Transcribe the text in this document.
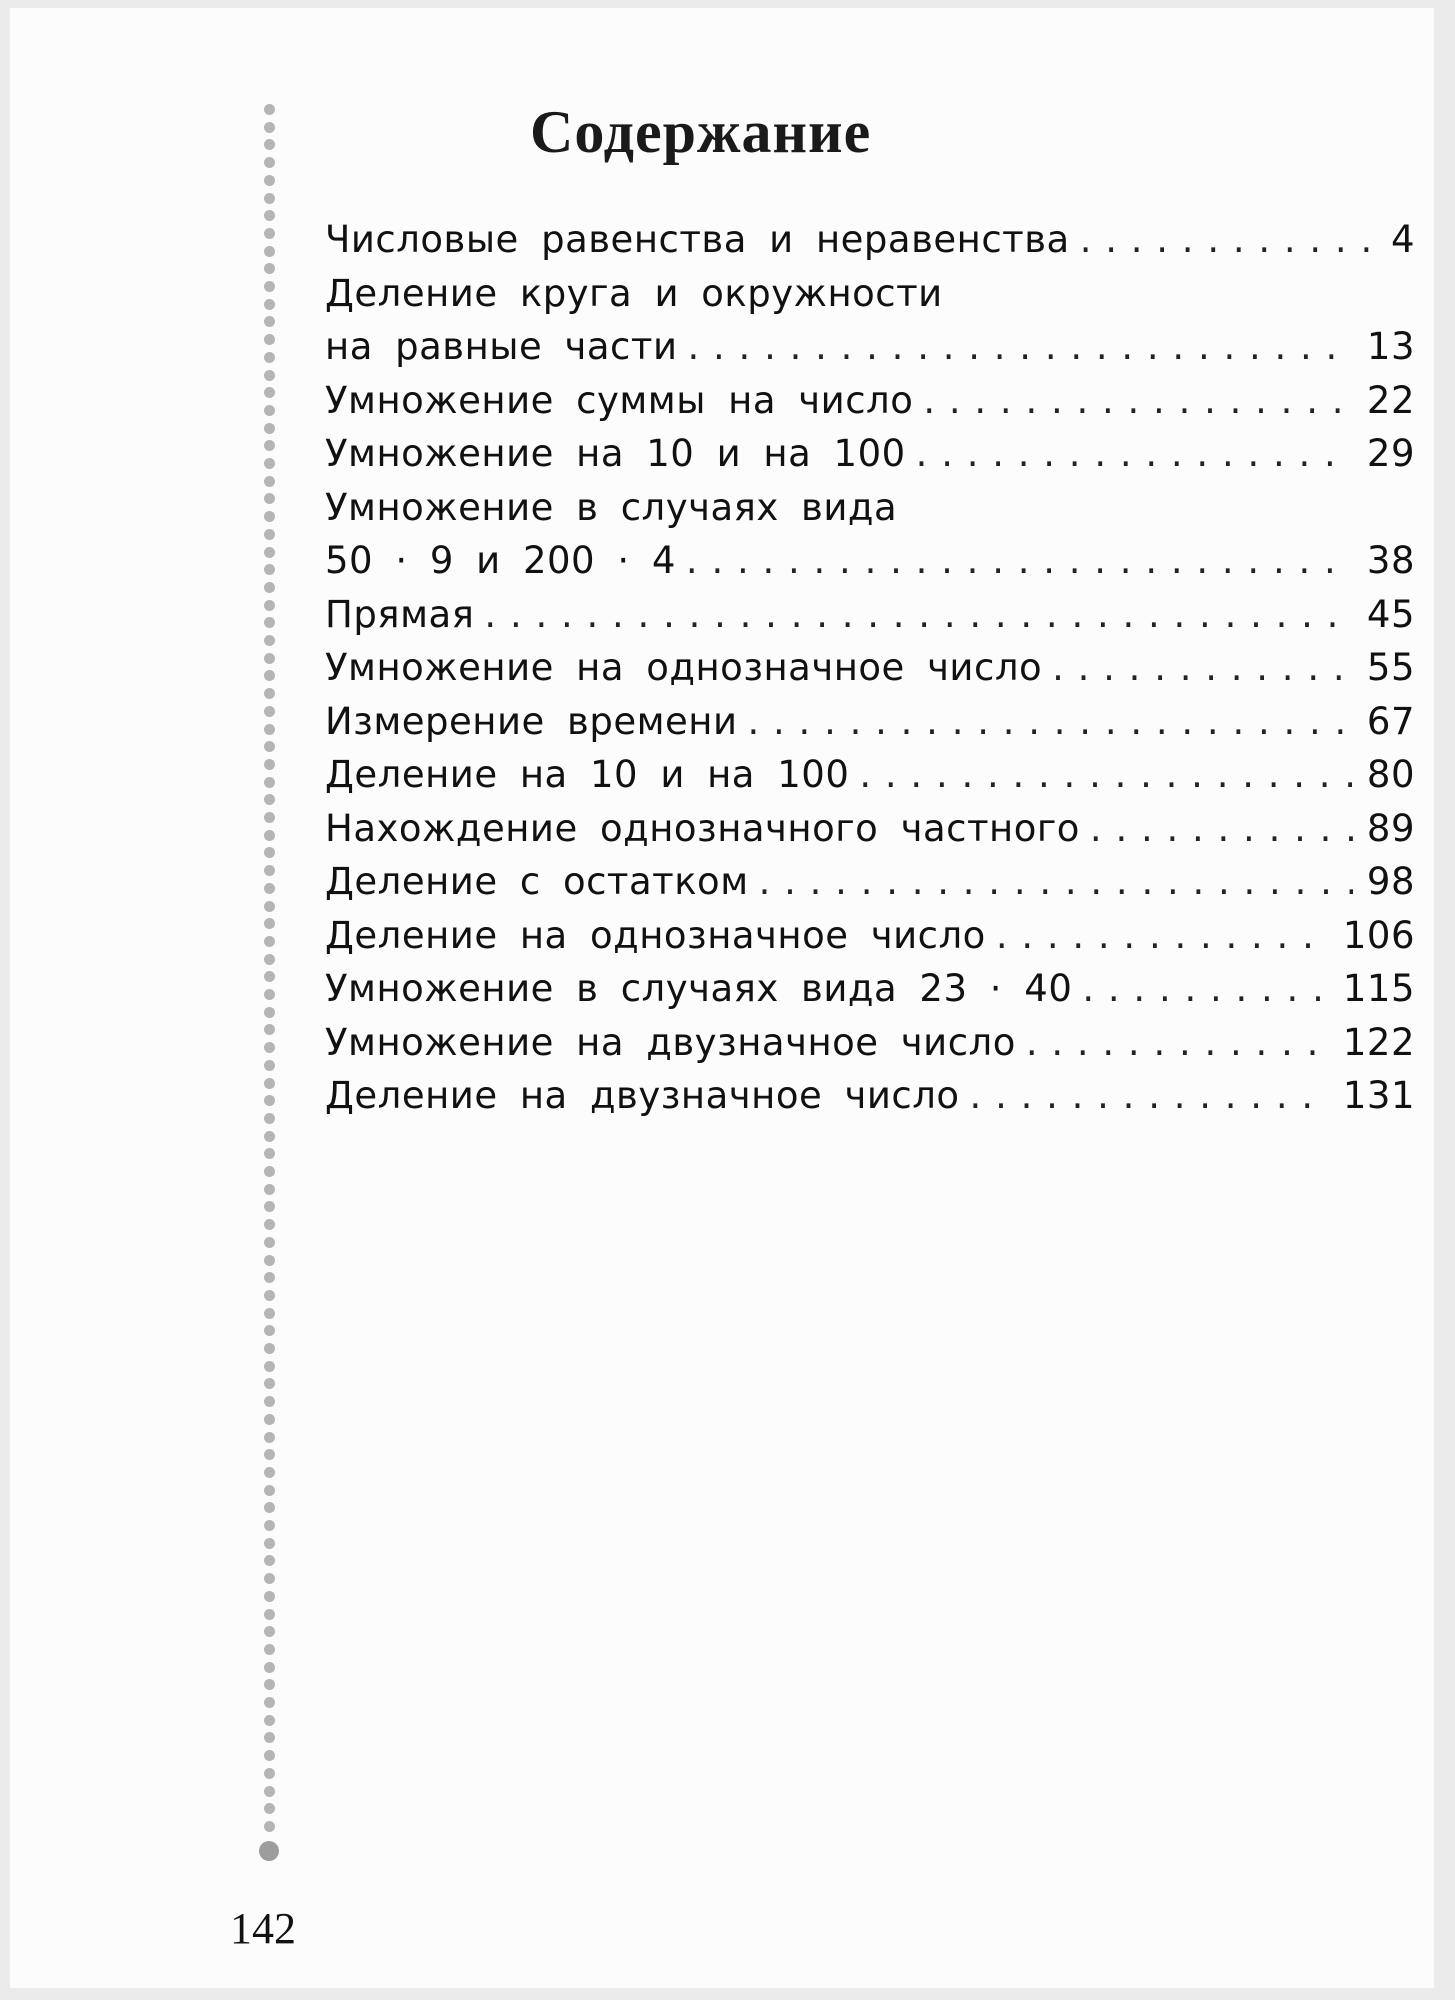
Содержание
Числовые равенства и неравенства . . .	4
Деление круга и окружности
на равные части . . .	13
Умножение суммы на число . . .	22
Умножение на 10 и на 100 . . .	29
Умножение в случаях вида
50 · 9 и 200 · 4 . . .	38
Прямая . . .	45
Умножение на однозначное число . . .	55
Измерение времени . . .	67
Деление на 10 и на 100 . . .	80
Нахождение однозначного частного . . .	89
Деление с остатком . . .	98
Деление на однозначное число . . .	106
Умножение в случаях вида 23 · 40 . . .	115
Умножение на двузначное число . . .	122
Деление на двузначное число . . .	131
142
